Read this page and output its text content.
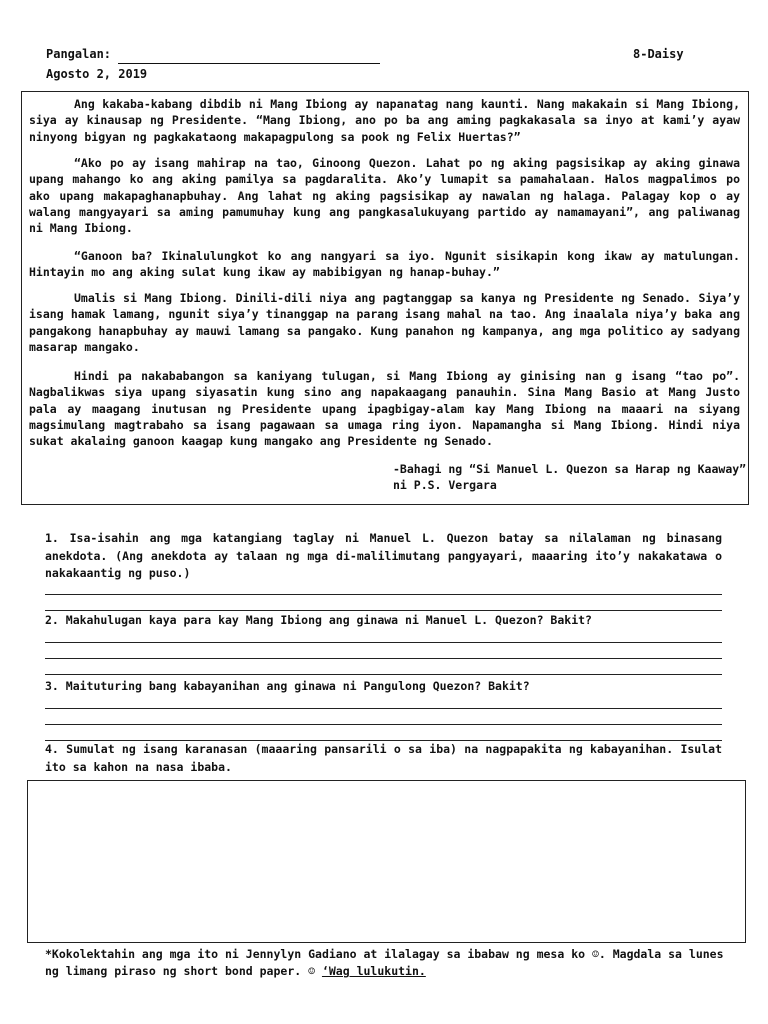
Pangalan:	8-Daisy
Agosto 2, 2019

Ang kakaba-kabang dibdib ni Mang Ibiong ay napanatag nang kaunti. Nang makakain si Mang Ibiong, siya ay kinausap ng Presidente. “Mang Ibiong, ano po ba ang aming pagkakasala sa inyo at kami’y ayaw ninyong bigyan ng pagkakataong makapagpulong sa pook ng Felix Huertas?”

“Ako po ay isang mahirap na tao, Ginoong Quezon. Lahat po ng aking pagsisikap ay aking ginawa upang mahango ko ang aking pamilya sa pagdaralita. Ako’y lumapit sa pamahalaan. Halos magpalimos po ako upang makapaghanapbuhay. Ang lahat ng aking pagsisikap ay nawalan ng halaga. Palagay kop o ay walang mangyayari sa aming pamumuhay kung ang pangkasalukuyang partido ay namamayani”, ang paliwanag ni Mang Ibiong.

“Ganoon ba? Ikinalulungkot ko ang nangyari sa iyo. Ngunit sisikapin kong ikaw ay matulungan. Hintayin mo ang aking sulat kung ikaw ay mabibigyan ng hanap-buhay.”

Umalis si Mang Ibiong. Dinili-dili niya ang pagtanggap sa kanya ng Presidente ng Senado. Siya’y isang hamak lamang, ngunit siya’y tinanggap na parang isang mahal na tao. Ang inaalala niya’y baka ang pangakong hanapbuhay ay mauwi lamang sa pangako. Kung panahon ng kampanya, ang mga politico ay sadyang masarap mangako.

Hindi pa nakababangon sa kaniyang tulugan, si Mang Ibiong ay ginising nan g isang “tao po”. Nagbalikwas siya upang siyasatin kung sino ang napakaagang panauhin. Sina Mang Basio at Mang Justo pala ay maagang inutusan ng Presidente upang ipagbigay-alam kay Mang Ibiong na maaari na siyang magsimulang magtrabaho sa isang pagawaan sa umaga ring iyon. Napamangha si Mang Ibiong. Hindi niya sukat akalaing ganoon kaagap kung mangako ang Presidente ng Senado.

-Bahagi ng “Si Manuel L. Quezon sa Harap ng Kaaway”
ni P.S. Vergara

1. Isa-isahin ang mga katangiang taglay ni Manuel L. Quezon batay sa nilalaman ng binasang anekdota. (Ang anekdota ay talaan ng mga di-malilimutang pangyayari, maaaring ito’y nakakatawa o nakakaantig ng puso.)

2. Makahulugan kaya para kay Mang Ibiong ang ginawa ni Manuel L. Quezon? Bakit?

3. Maituturing bang kabayanihan ang ginawa ni Pangulong Quezon? Bakit?

4. Sumulat ng isang karanasan (maaaring pansarili o sa iba) na nagpapakita ng kabayanihan. Isulat ito sa kahon na nasa ibaba.

*Kokolektahin ang mga ito ni Jennylyn Gadiano at ilalagay sa ibabaw ng mesa ko ☺. Magdala sa lunes ng limang piraso ng short bond paper. ☺ ‘Wag lulukutin.
